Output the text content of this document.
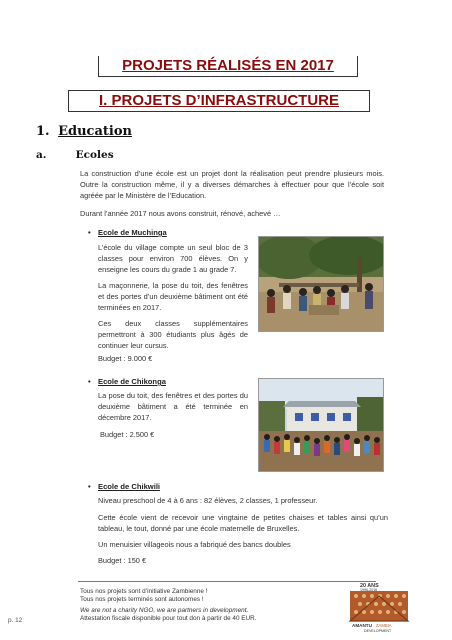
PROJETS RÉALISÉS EN 2017
I. PROJETS D’INFRASTRUCTURE
1. Education
a.	Ecoles
La construction d’une école est un projet dont la réalisation peut prendre plusieurs mois. Outre la construction même, il y a diverses démarches à effectuer pour que l’école soit agréée par le Ministère de l’Education.
Durant l’année 2017 nous avons construit, rénové, achevé …
• Ecole de Muchinga
L’école du village compte un seul bloc de 3 classes pour environ 700 élèves. On y enseigne les cours du grade 1 au grade 7.
La maçonnerie, la pose du toit, des fenêtres et des portes d’un deuxième bâtiment ont été terminées en 2017.
Ces deux classes supplémentaires permettront à 300 étudiants plus âgés de continuer leur cursus.
Budget : 9.000 €
• Ecole de Chikonga
La pose du toit, des fenêtres et des portes du deuxième bâtiment a été terminée en décembre 2017.
Budget : 2.500 €
• Ecole de Chikwili
Niveau preschool de 4 à 6 ans : 82 élèves, 2 classes, 1 professeur.
Cette école vient de recevoir une vingtaine de petites chaises et tables ainsi qu’un tableau, le tout, donné par une école maternelle de Bruxelles.
Un menuisier villageois nous a fabriqué des bancs doubles
Budget : 150 €
Tous nos projets sont d’initiative Zambienne !
Tous nos projets terminés sont autonomes !
We are not a charity NGO, we are partners in development.
Attestation fiscale disponible pour tout don à partir de 40 EUR.
p. 12
20 ANS
1996-2016
AMANTU ZAMBIA
DEVELOPMENT
